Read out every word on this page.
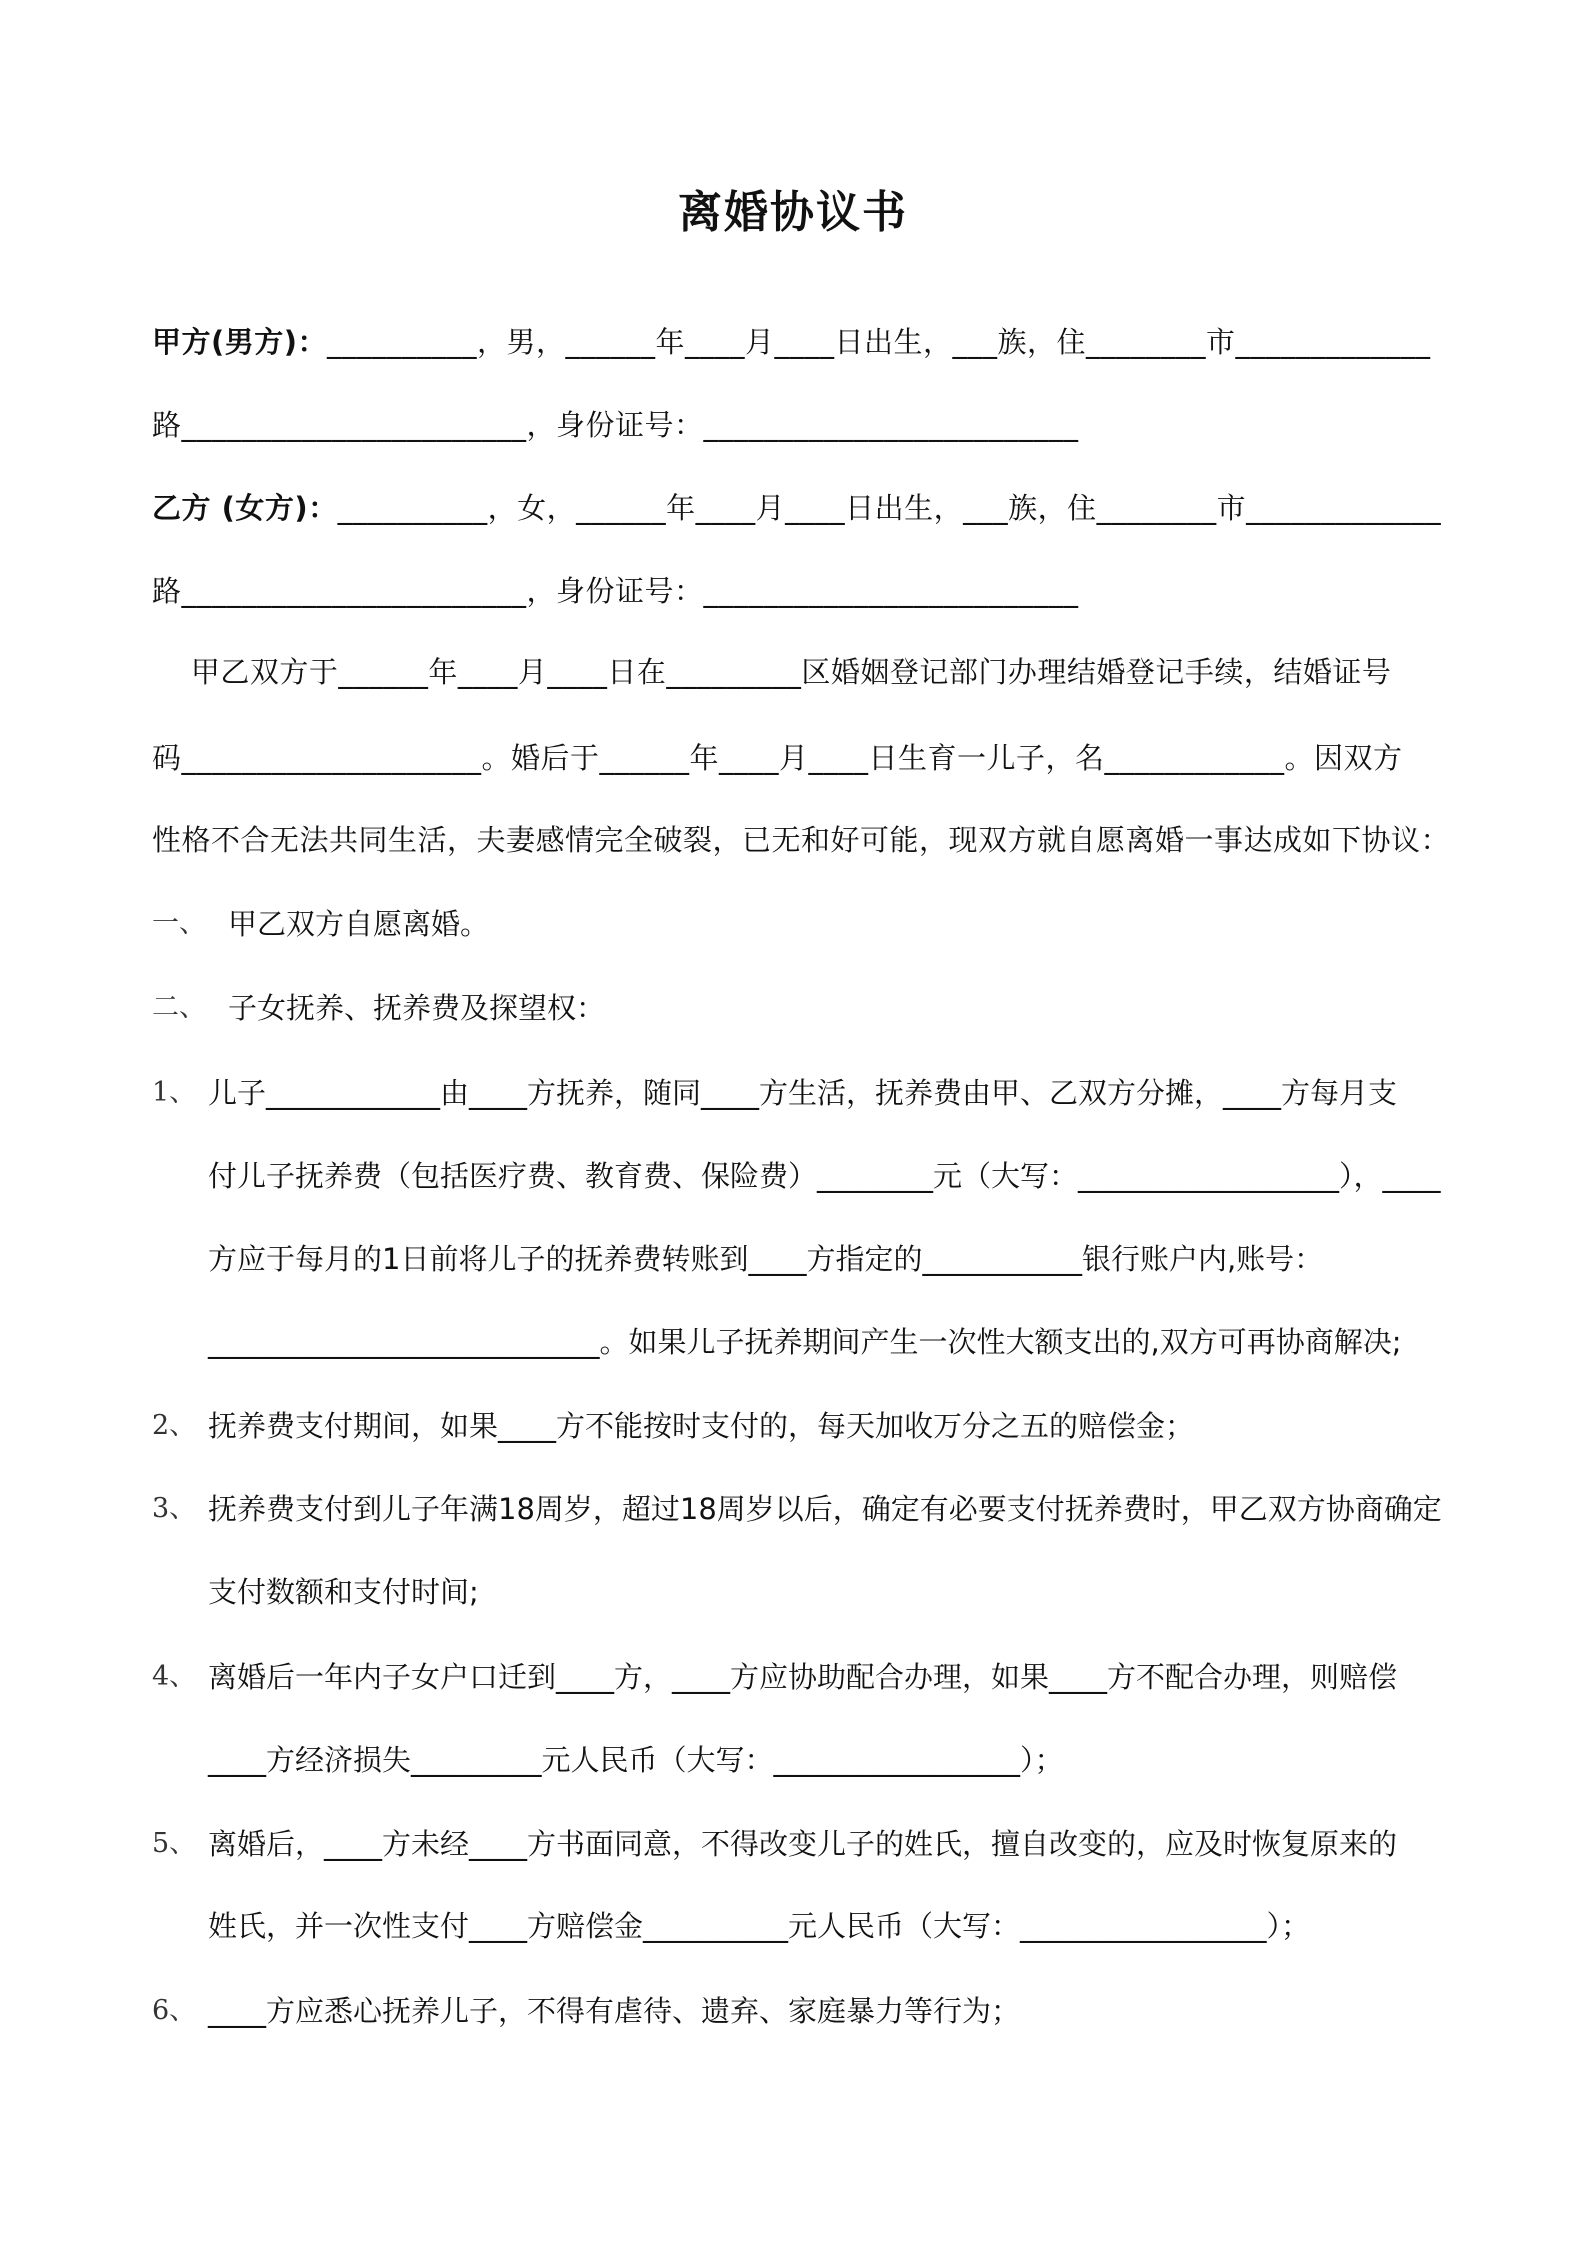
离婚协议书
甲方(男方)：__________，男，______年____月____日出生，___族，住________市_____________
路_______________________，身份证号：_________________________
乙方 (女方)：__________，女，______年____月____日出生，___族，住________市_____________
路_______________________，身份证号：_________________________
甲乙双方于______年____月____日在_________区婚姻登记部门办理结婚登记手续，结婚证号
码____________________。婚后于______年____月____日生育一儿子，名____________。因双方
性格不合无法共同生活，夫妻感情完全破裂，已无和好可能，现双方就自愿离婚一事达成如下协议：
一、 甲乙双方自愿离婚。
二、 子女抚养、抚养费及探望权：
1、 儿子____________由____方抚养，随同____方生活，抚养费由甲、乙双方分摊，____方每月支
付儿子抚养费（包括医疗费、教育费、保险费）________元（大写：__________________），____
方应于每月的1日前将儿子的抚养费转账到____方指定的___________银行账户内,账号：
___________________________。如果儿子抚养期间产生一次性大额支出的,双方可再协商解决;
2、 抚养费支付期间，如果____方不能按时支付的，每天加收万分之五的赔偿金；
3、 抚养费支付到儿子年满18周岁，超过18周岁以后，确定有必要支付抚养费时，甲乙双方协商确定
支付数额和支付时间;
4、 离婚后一年内子女户口迁到____方，____方应协助配合办理，如果____方不配合办理，则赔偿
____方经济损失_________元人民币（大写：_________________）；
5、 离婚后，____方未经____方书面同意，不得改变儿子的姓氏，擅自改变的，应及时恢复原来的
姓氏，并一次性支付____方赔偿金__________元人民币（大写：_________________）；
6、 ____方应悉心抚养儿子，不得有虐待、遗弃、家庭暴力等行为；
